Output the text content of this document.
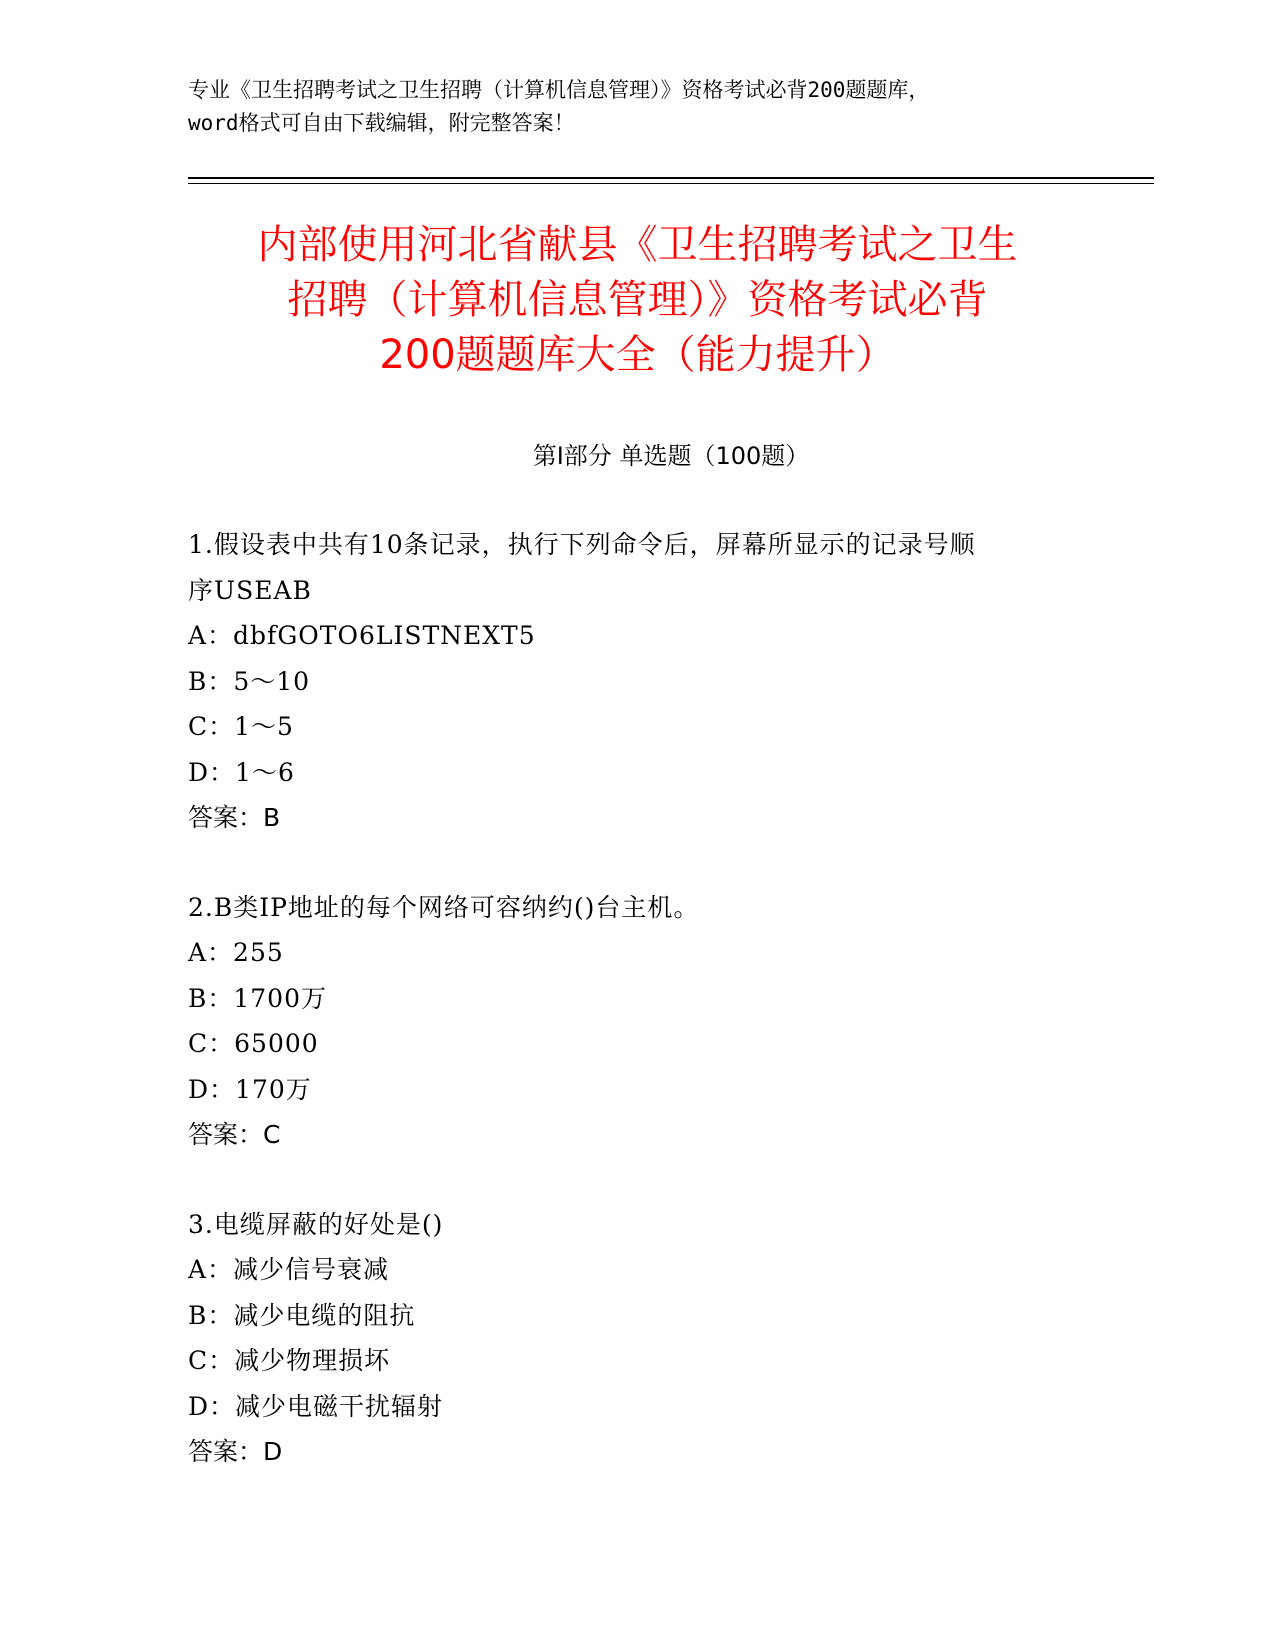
专业《卫生招聘考试之卫生招聘（计算机信息管理）》资格考试必背200题题库，
word格式可自由下载编辑，附完整答案！
内部使用河北省献县《卫生招聘考试之卫生
招聘（计算机信息管理）》资格考试必背
200题题库大全（能力提升）
第Ⅰ部分 单选题（100题）
1.假设表中共有10条记录，执行下列命令后，屏幕所显示的记录号顺
序USEAB
A：dbfGOTO6LISTNEXT5
B：5～10
C：1～5
D：1～6
答案：B
2.B类IP地址的每个网络可容纳约()台主机。
A：255
B：1700万
C：65000
D：170万
答案：C
3.电缆屏蔽的好处是()
A：减少信号衰减
B：减少电缆的阻抗
C：减少物理损坏
D：减少电磁干扰辐射
答案：D
